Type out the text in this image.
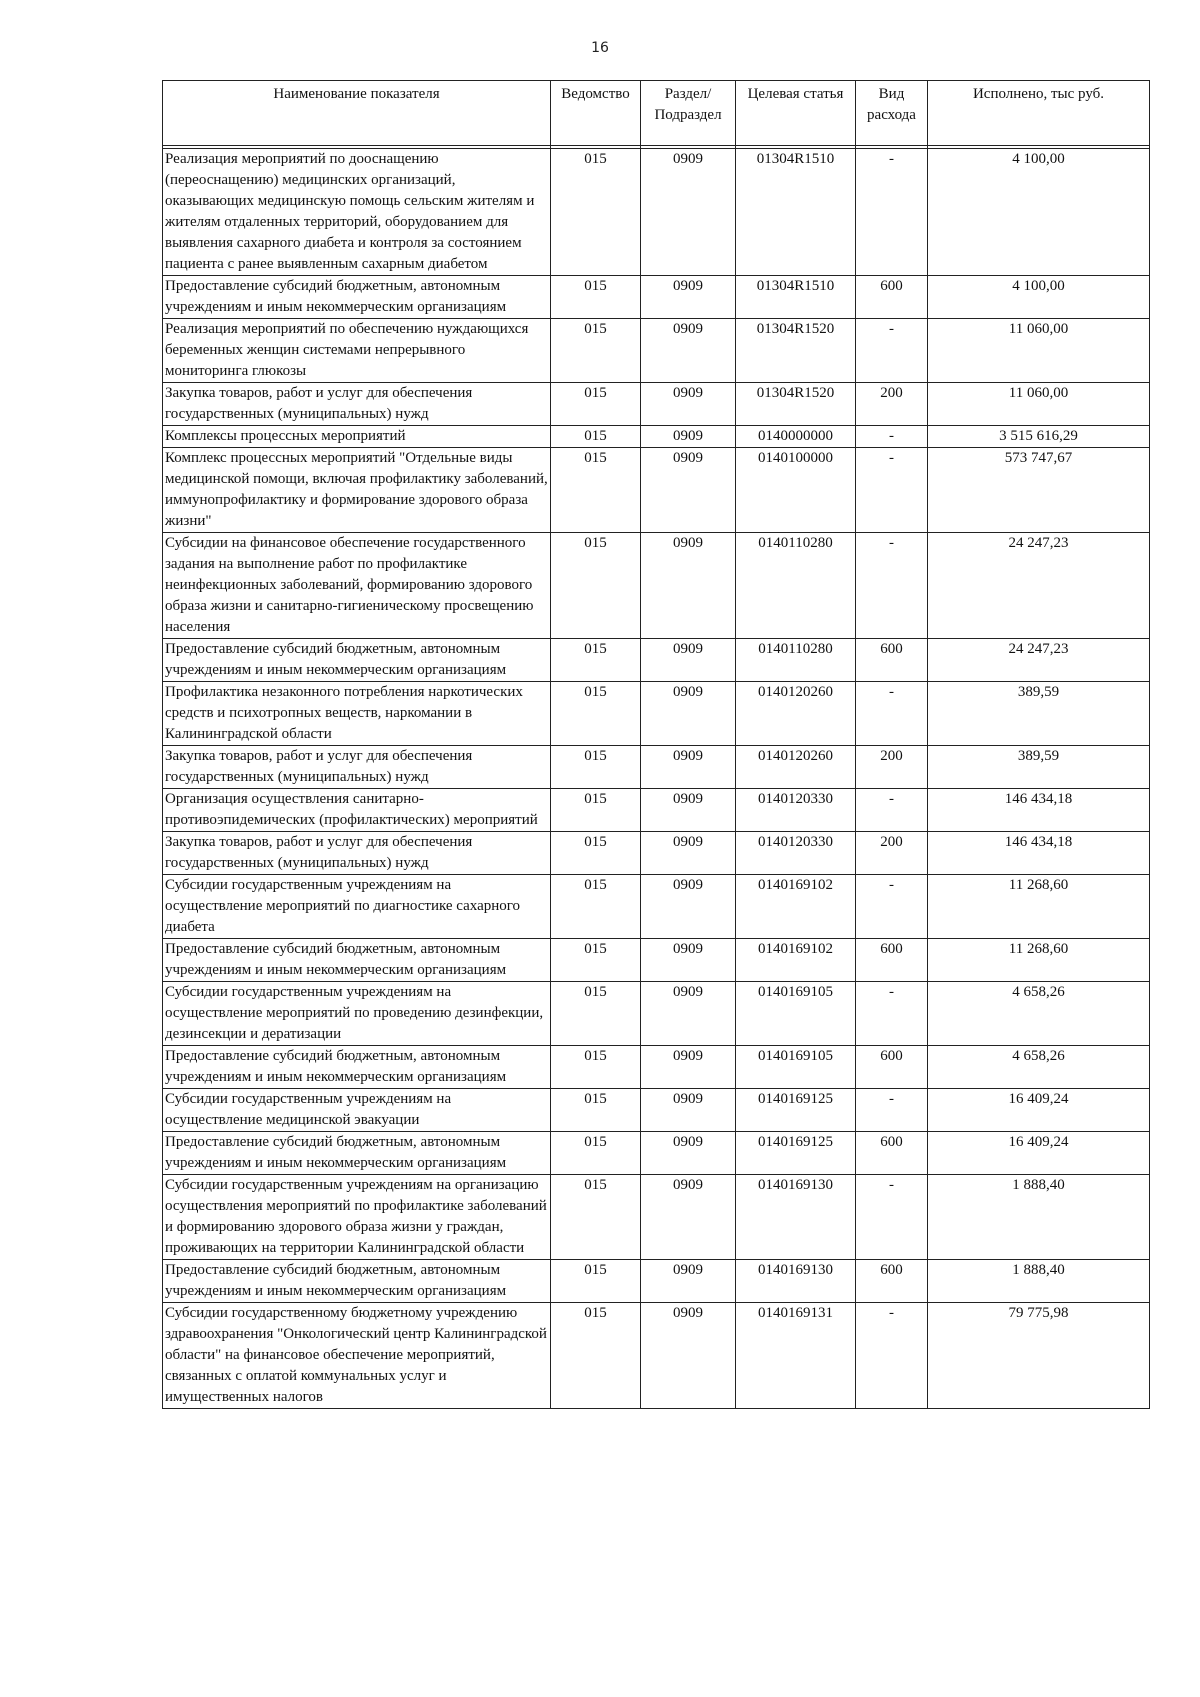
16
Наименование показателя	Ведомство	Раздел/ Подраздел	Целевая статья	Вид расхода	Исполнено, тыс руб.

Реализация мероприятий по дооснащению (переоснащению) медицинских организаций, оказывающих медицинскую помощь сельским жителям и жителям отдаленных территорий, оборудованием для выявления сахарного диабета и контроля за состоянием пациента с ранее выявленным сахарным диабетом	015	0909	01304R1510	-	4 100,00
Предоставление субсидий бюджетным, автономным учреждениям и иным некоммерческим организациям	015	0909	01304R1510	600	4 100,00
Реализация мероприятий по обеспечению нуждающихся беременных женщин системами непрерывного мониторинга глюкозы	015	0909	01304R1520	-	11 060,00
Закупка товаров, работ и услуг для обеспечения государственных (муниципальных) нужд	015	0909	01304R1520	200	11 060,00
Комплексы процессных мероприятий	015	0909	0140000000	-	3 515 616,29
Комплекс процессных мероприятий "Отдельные виды медицинской помощи, включая профилактику заболеваний, иммунопрофилактику и формирование здорового образа жизни"	015	0909	0140100000	-	573 747,67
Субсидии на финансовое обеспечение государственного задания на выполнение работ по профилактике неинфекционных заболеваний, формированию здорового образа жизни и санитарно-гигиеническому просвещению населения	015	0909	0140110280	-	24 247,23
Предоставление субсидий бюджетным, автономным учреждениям и иным некоммерческим организациям	015	0909	0140110280	600	24 247,23
Профилактика незаконного потребления наркотических средств и психотропных веществ, наркомании в Калининградской области	015	0909	0140120260	-	389,59
Закупка товаров, работ и услуг для обеспечения государственных (муниципальных) нужд	015	0909	0140120260	200	389,59
Организация осуществления санитарно-противоэпидемических (профилактических) мероприятий	015	0909	0140120330	-	146 434,18
Закупка товаров, работ и услуг для обеспечения государственных (муниципальных) нужд	015	0909	0140120330	200	146 434,18
Субсидии государственным учреждениям на осуществление мероприятий по диагностике сахарного диабета	015	0909	0140169102	-	11 268,60
Предоставление субсидий бюджетным, автономным учреждениям и иным некоммерческим организациям	015	0909	0140169102	600	11 268,60
Субсидии государственным учреждениям на осуществление мероприятий по проведению дезинфекции, дезинсекции и дератизации	015	0909	0140169105	-	4 658,26
Предоставление субсидий бюджетным, автономным учреждениям и иным некоммерческим организациям	015	0909	0140169105	600	4 658,26
Субсидии государственным учреждениям на осуществление медицинской эвакуации	015	0909	0140169125	-	16 409,24
Предоставление субсидий бюджетным, автономным учреждениям и иным некоммерческим организациям	015	0909	0140169125	600	16 409,24
Субсидии государственным учреждениям на организацию осуществления мероприятий по профилактике заболеваний и формированию здорового образа жизни у граждан, проживающих на территории Калининградской области	015	0909	0140169130	-	1 888,40
Предоставление субсидий бюджетным, автономным учреждениям и иным некоммерческим организациям	015	0909	0140169130	600	1 888,40
Субсидии государственному бюджетному учреждению здравоохранения "Онкологический центр Калининградской области" на финансовое обеспечение мероприятий, связанных с оплатой коммунальных услуг и имущественных налогов	015	0909	0140169131	-	79 775,98
